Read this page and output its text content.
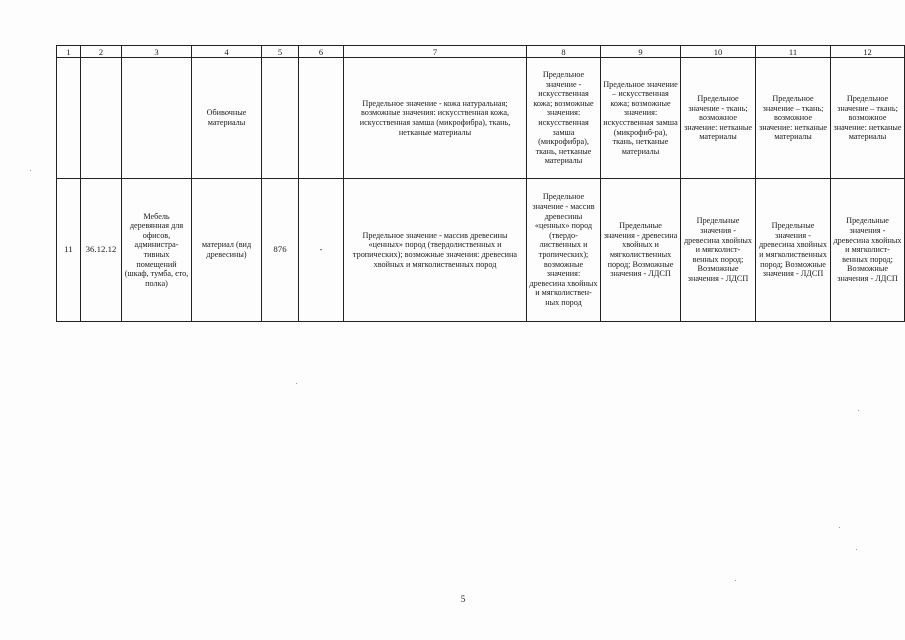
1	2	3	4	5	6	7	8	9	10	11	12
			Обивочные материалы			Предельное значение - кожа натуральная; возможные значения: искусственная кожа, искусственная замша (микрофибра), ткань, нетканые материалы	Предельное значение - искусственная кожа; возможные значения: искусственная замша (микрофибра), ткань, нетканые материалы	Предельное значение – искусственная кожа; возможные значения: искусственная замша (микрофиб-ра), ткань, нетканые материалы	Предельное значение - ткань; возможное значение: нетканые материалы	Предельное значение – ткань; возможное значение: нетканые материалы	Предельное значение – ткань; возможное значение: нетканые материалы
11	36.12.12	Мебель деревянная для офисов, администра-тивных помещений (шкаф, тумба, єто, полка)	материал (вид древесины)	876	-	Предельное значение - массив древесины «ценных» пород (твердолиственных и тропических); возможные значения: древесина хвойных и мягколиственных пород	Предельное значение - массив древесины «ценных» пород (твердо-лиственных и тропических); возможные значения: древесина хвойных и мягколиствен-ных пород	Предельные значения - древесина хвойных и мягколиственных пород; Возможные значения - ЛДСП	Предельные значения - древесина хвойных и мягколист-венных пород; Возможные значения - ЛДСП	Предельные значения - древесина хвойных и мягколиственных пород; Возможные значения - ЛДСП	Предельные значения - древесина хвойных и мягколист-венных пород; Возможные значения - ЛДСП
5
